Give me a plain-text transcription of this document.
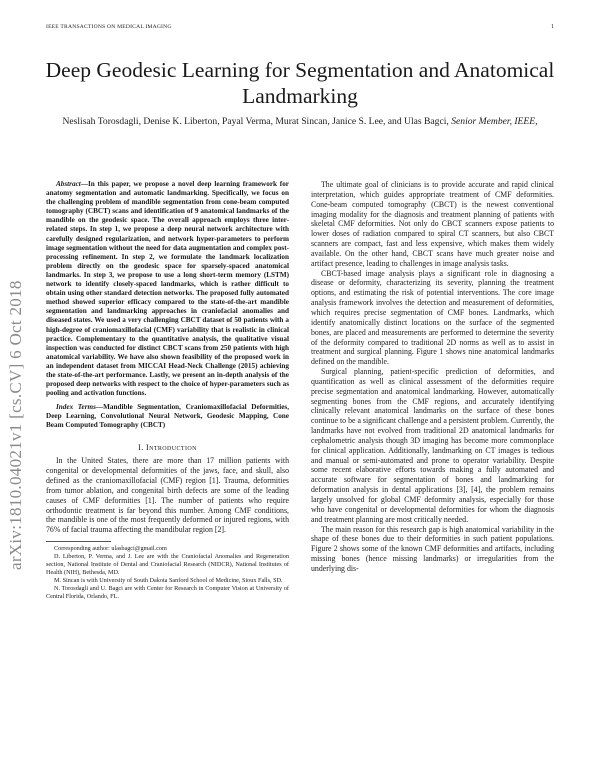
IEEE TRANSACTIONS ON MEDICAL IMAGING	1
Deep Geodesic Learning for Segmentation and Anatomical Landmarking
Neslisah Torosdagli, Denise K. Liberton, Payal Verma, Murat Sincan, Janice S. Lee, and Ulas Bagci, Senior Member, IEEE,
arXiv:1810.04021v1 [cs.CV] 6 Oct 2018

Abstract—In this paper, we propose a novel deep learning framework for anatomy segmentation and automatic landmarking. Specifically, we focus on the challenging problem of mandible segmentation from cone-beam computed tomography (CBCT) scans and identification of 9 anatomical landmarks of the mandible on the geodesic space. The overall approach employs three inter-related steps. In step 1, we propose a deep neural network architecture with carefully designed regularization, and network hyper-parameters to perform image segmentation without the need for data augmentation and complex post-processing refinement. In step 2, we formulate the landmark localization problem directly on the geodesic space for sparsely-spaced anatomical landmarks. In step 3, we propose to use a long short-term memory (LSTM) network to identify closely-spaced landmarks, which is rather difficult to obtain using other standard detection networks. The proposed fully automated method showed superior efficacy compared to the state-of-the-art mandible segmentation and landmarking approaches in craniofacial anomalies and diseased states. We used a very challenging CBCT dataset of 50 patients with a high-degree of craniomaxillofacial (CMF) variability that is realistic in clinical practice. Complementary to the quantitative analysis, the qualitative visual inspection was conducted for distinct CBCT scans from 250 patients with high anatomical variability. We have also shown feasibility of the proposed work in an independent dataset from MICCAI Head-Neck Challenge (2015) achieving the state-of-the-art performance. Lastly, we present an in-depth analysis of the proposed deep networks with respect to the choice of hyper-parameters such as pooling and activation functions.

Index Terms—Mandible Segmentation, Craniomaxillofacial Deformities, Deep Learning, Convolutional Neural Network, Geodesic Mapping, Cone Beam Computed Tomography (CBCT)

I. Introduction

In the United States, there are more than 17 million patients with congenital or developmental deformities of the jaws, face, and skull, also defined as the craniomaxillofacial (CMF) region [1]. Trauma, deformities from tumor ablation, and congenital birth defects are some of the leading causes of CMF deformities [1]. The number of patients who require orthodontic treatment is far beyond this number. Among CMF conditions, the mandible is one of the most frequently deformed or injured regions, with 76% of facial trauma affecting the mandibular region [2].

Corresponding author: ulasbagci@gmail.com

D. Liberton, P. Verma, and J. Lee are with the Craniofacial Anomalies and Regeneration section, National Institute of Dental and Craniofacial Research (NIDCR), National Institutes of Health (NIH), Bethesda, MD.

M. Sincan is with University of South Dakota Sanford School of Medicine, Sioux Falls, SD.

N. Torosdagli and U. Bagci are with Center for Research in Computer Vision at University of Central Florida, Orlando, FL.

The ultimate goal of clinicians is to provide accurate and rapid clinical interpretation, which guides appropriate treatment of CMF deformities. Cone-beam computed tomography (CBCT) is the newest conventional imaging modality for the diagnosis and treatment planning of patients with skeletal CMF deformities. Not only do CBCT scanners expose patients to lower doses of radiation compared to spiral CT scanners, but also CBCT scanners are compact, fast and less expensive, which makes them widely available. On the other hand, CBCT scans have much greater noise and artifact presence, leading to challenges in image analysis tasks.

CBCT-based image analysis plays a significant role in diagnosing a disease or deformity, characterizing its severity, planning the treatment options, and estimating the risk of potential interventions. The core image analysis framework involves the detection and measurement of deformities, which requires precise segmentation of CMF bones. Landmarks, which identify anatomically distinct locations on the surface of the segmented bones, are placed and measurements are performed to determine the severity of the deformity compared to traditional 2D norms as well as to assist in treatment and surgical planning. Figure 1 shows nine anatomical landmarks defined on the mandible.

Surgical planning, patient-specific prediction of deformities, and quantification as well as clinical assessment of the deformities require precise segmentation and anatomical landmarking. However, automatically segmenting bones from the CMF regions, and accurately identifying clinically relevant anatomical landmarks on the surface of these bones continue to be a significant challenge and a persistent problem. Currently, the landmarks have not evolved from traditional 2D anatomical landmarks for cephalometric analysis though 3D imaging has become more commonplace for clinical application. Additionally, landmarking on CT images is tedious and manual or semi-automated and prone to operator variability. Despite some recent elaborative efforts towards making a fully automated and accurate software for segmentation of bones and landmarking for deformation analysis in dental applications [3], [4], the problem remains largely unsolved for global CMF deformity analysis, especially for those who have congenital or developmental deformities for whom the diagnosis and treatment planning are most critically needed.

The main reason for this research gap is high anatomical variability in the shape of these bones due to their deformities in such patient populations. Figure 2 shows some of the known CMF deformities and artifacts, including missing bones (hence missing landmarks) or irregularities from the underlying dis-
